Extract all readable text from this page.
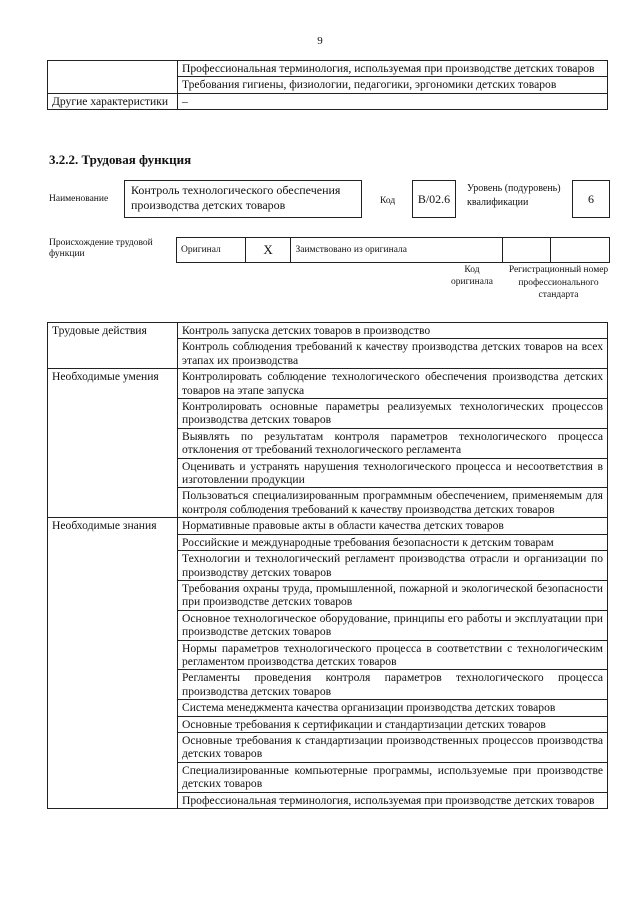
9
	Профессиональная терминология, используемая при производстве детских товаров
	Требования гигиены, физиологии, педагогики, эргономики детских товаров
Другие характеристики	–
3.2.2. Трудовая функция
Наименование
Контроль технологического обеспечения производства детских товаров	Код	B/02.6
Уровень (подуровень) квалификации	6
Происхождение трудовой функции	Оригинал	X	Заимствовано из оригинала
Код оригинала
Регистрационный номер профессионального стандарта
Трудовые действия	Контроль запуска детских товаров в производство
	Контроль соблюдения требований к качеству производства детских товаров на всех этапах их производства
Необходимые умения	Контролировать соблюдение технологического обеспечения производства детских товаров на этапе запуска
	Контролировать основные параметры реализуемых технологических процессов производства детских товаров
	Выявлять по результатам контроля параметров технологического процесса отклонения от требований технологического регламента
	Оценивать и устранять нарушения технологического процесса и несоответствия в изготовлении продукции
	Пользоваться специализированным программным обеспечением, применяемым для контроля соблюдения требований к качеству производства детских товаров
Необходимые знания	Нормативные правовые акты в области качества детских товаров
	Российские и международные требования безопасности к детским товарам
	Технологии и технологический регламент производства отрасли и организации по производству детских товаров
	Требования охраны труда, промышленной, пожарной и экологической безопасности при производстве детских товаров
	Основное технологическое оборудование, принципы его работы и эксплуатации при производстве детских товаров
	Нормы параметров технологического процесса в соответствии с технологическим регламентом производства детских товаров
	Регламенты проведения контроля параметров технологического процесса производства детских товаров
	Система менеджмента качества организации производства детских товаров
	Основные требования к сертификации и стандартизации детских товаров
	Основные требования к стандартизации производственных процессов производства детских товаров
	Специализированные компьютерные программы, используемые при производстве детских товаров
	Профессиональная терминология, используемая при производстве детских товаров
